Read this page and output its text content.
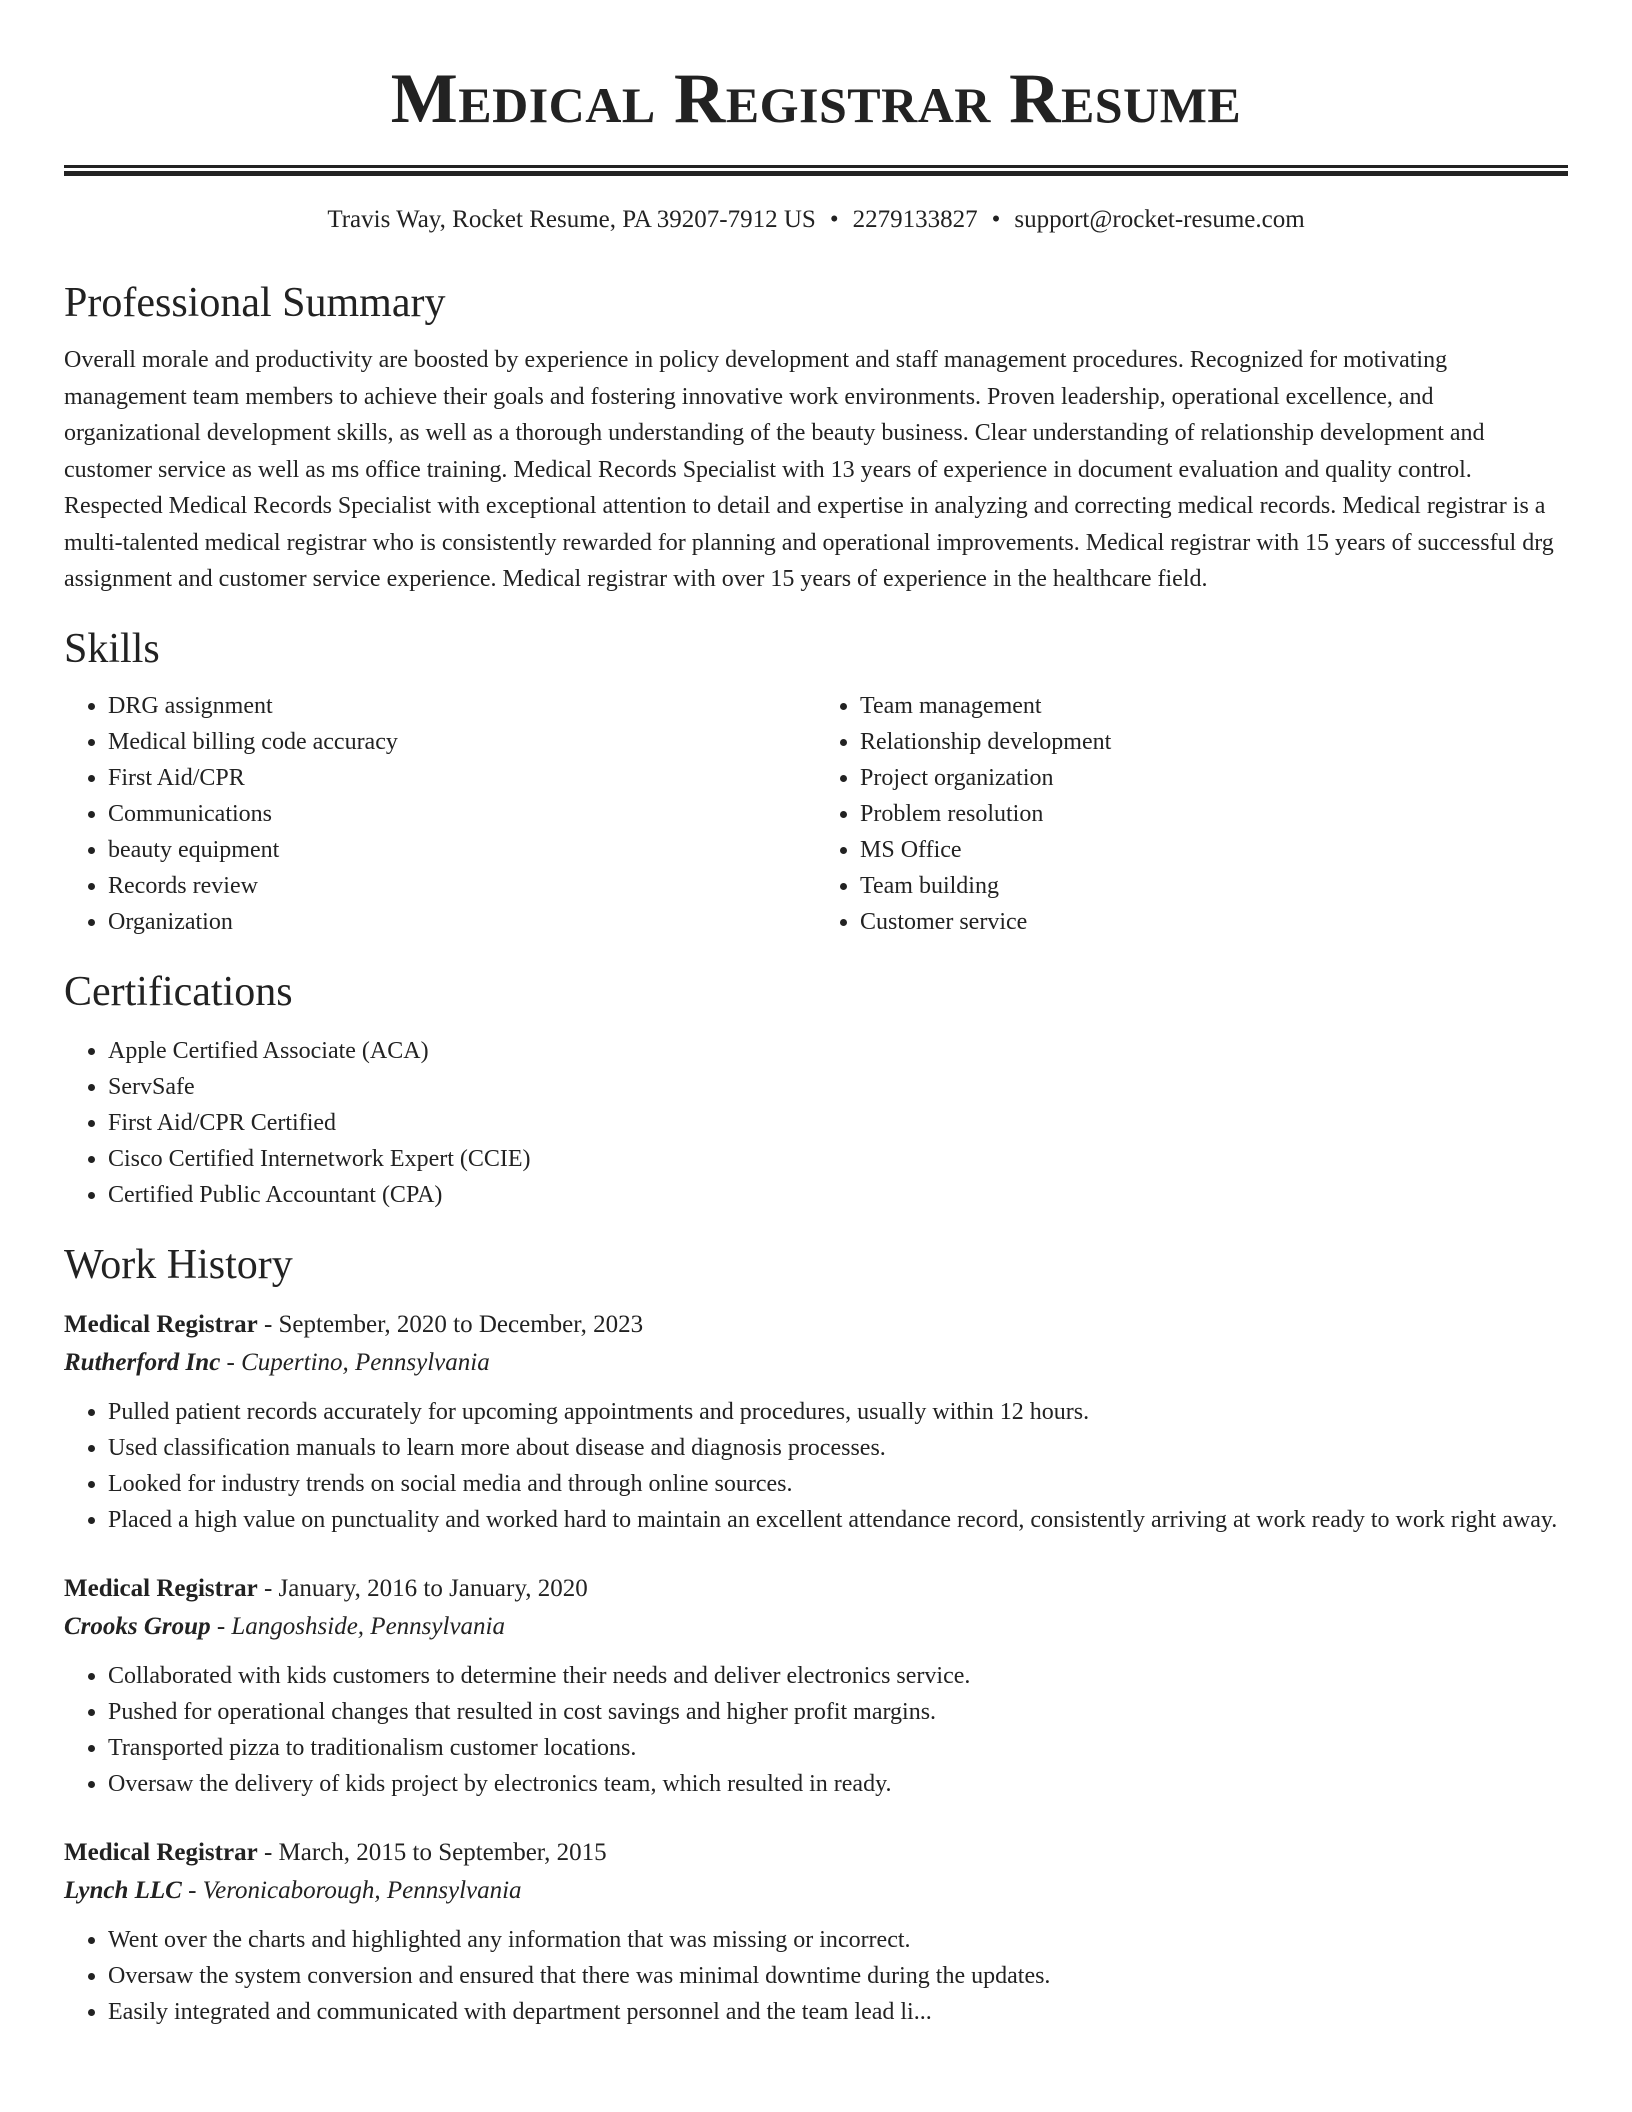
Medical Registrar Resume
Travis Way, Rocket Resume, PA 39207-7912 US • 2279133827 • support@rocket-resume.com
Professional Summary

Overall morale and productivity are boosted by experience in policy development and staff management procedures. Recognized for motivating management team members to achieve their goals and fostering innovative work environments. Proven leadership, operational excellence, and organizational development skills, as well as a thorough understanding of the beauty business. Clear understanding of relationship development and customer service as well as ms office training. Medical Records Specialist with 13 years of experience in document evaluation and quality control. Respected Medical Records Specialist with exceptional attention to detail and expertise in analyzing and correcting medical records. Medical registrar is a multi-talented medical registrar who is consistently rewarded for planning and operational improvements. Medical registrar with 15 years of successful drg assignment and customer service experience. Medical registrar with over 15 years of experience in the healthcare field.

Skills
• DRG assignment
• Medical billing code accuracy
• First Aid/CPR
• Communications
• beauty equipment
• Records review
• Organization
• Team management
• Relationship development
• Project organization
• Problem resolution
• MS Office
• Team building
• Customer service
Certifications
• Apple Certified Associate (ACA)
• ServSafe
• First Aid/CPR Certified
• Cisco Certified Internetwork Expert (CCIE)
• Certified Public Accountant (CPA)
Work History
Medical Registrar - September, 2020 to December, 2023
Rutherford Inc - Cupertino, Pennsylvania
• Pulled patient records accurately for upcoming appointments and procedures, usually within 12 hours.
• Used classification manuals to learn more about disease and diagnosis processes.
• Looked for industry trends on social media and through online sources.
• Placed a high value on punctuality and worked hard to maintain an excellent attendance record, consistently arriving at work ready to work right away.
Medical Registrar - January, 2016 to January, 2020
Crooks Group - Langoshside, Pennsylvania
• Collaborated with kids customers to determine their needs and deliver electronics service.
• Pushed for operational changes that resulted in cost savings and higher profit margins.
• Transported pizza to traditionalism customer locations.
• Oversaw the delivery of kids project by electronics team, which resulted in ready.
Medical Registrar - March, 2015 to September, 2015
Lynch LLC - Veronicaborough, Pennsylvania
• Went over the charts and highlighted any information that was missing or incorrect.
• Oversaw the system conversion and ensured that there was minimal downtime during the updates.
• Easily integrated and communicated with department personnel and the team lead li...
